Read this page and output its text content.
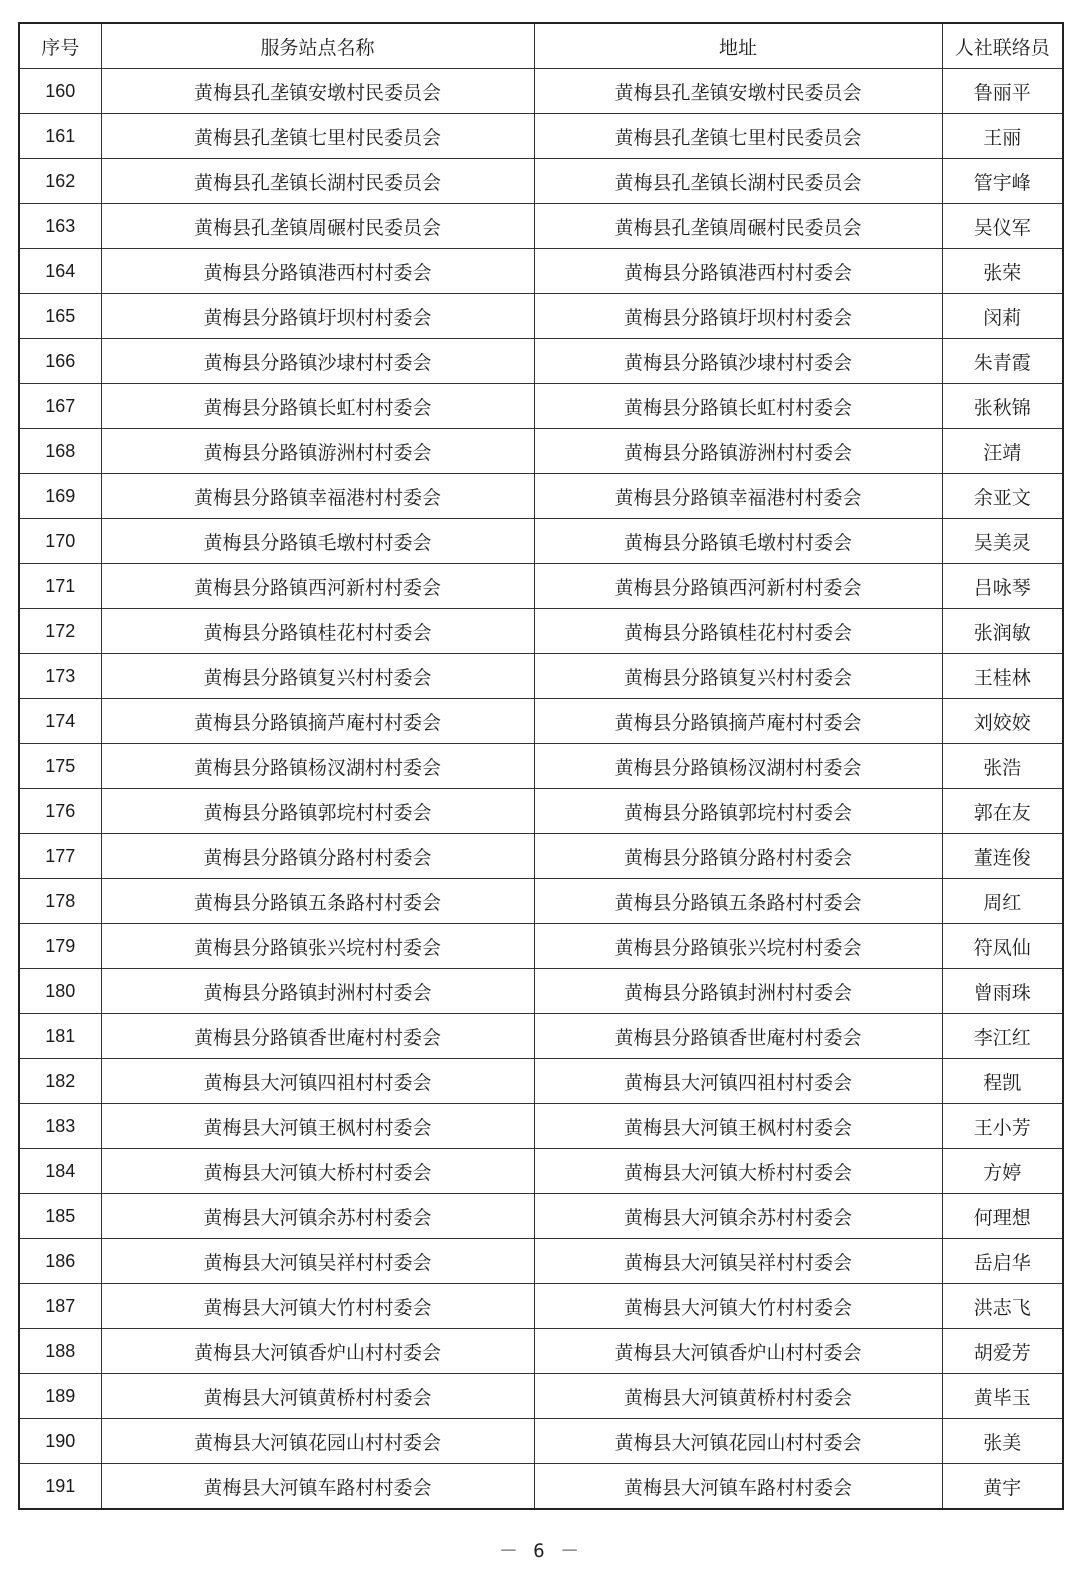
序号	服务站点名称	地址	人社联络员
160	黄梅县孔垄镇安墩村民委员会	黄梅县孔垄镇安墩村民委员会	鲁丽平
161	黄梅县孔垄镇七里村民委员会	黄梅县孔垄镇七里村民委员会	王丽
162	黄梅县孔垄镇长湖村民委员会	黄梅县孔垄镇长湖村民委员会	管宇峰
163	黄梅县孔垄镇周碾村民委员会	黄梅县孔垄镇周碾村民委员会	吴仪军
164	黄梅县分路镇港西村村委会	黄梅县分路镇港西村村委会	张荣
165	黄梅县分路镇圩坝村村委会	黄梅县分路镇圩坝村村委会	闵莉
166	黄梅县分路镇沙埭村村委会	黄梅县分路镇沙埭村村委会	朱青霞
167	黄梅县分路镇长虹村村委会	黄梅县分路镇长虹村村委会	张秋锦
168	黄梅县分路镇游洲村村委会	黄梅县分路镇游洲村村委会	汪靖
169	黄梅县分路镇幸福港村村委会	黄梅县分路镇幸福港村村委会	余亚文
170	黄梅县分路镇毛墩村村委会	黄梅县分路镇毛墩村村委会	吴美灵
171	黄梅县分路镇西河新村村委会	黄梅县分路镇西河新村村委会	吕咏琴
172	黄梅县分路镇桂花村村委会	黄梅县分路镇桂花村村委会	张润敏
173	黄梅县分路镇复兴村村委会	黄梅县分路镇复兴村村委会	王桂林
174	黄梅县分路镇摘芦庵村村委会	黄梅县分路镇摘芦庵村村委会	刘姣姣
175	黄梅县分路镇杨汊湖村村委会	黄梅县分路镇杨汊湖村村委会	张浩
176	黄梅县分路镇郭垸村村委会	黄梅县分路镇郭垸村村委会	郭在友
177	黄梅县分路镇分路村村委会	黄梅县分路镇分路村村委会	董连俊
178	黄梅县分路镇五条路村村委会	黄梅县分路镇五条路村村委会	周红
179	黄梅县分路镇张兴垸村村委会	黄梅县分路镇张兴垸村村委会	符凤仙
180	黄梅县分路镇封洲村村委会	黄梅县分路镇封洲村村委会	曾雨珠
181	黄梅县分路镇香世庵村村委会	黄梅县分路镇香世庵村村委会	李江红
182	黄梅县大河镇四祖村村委会	黄梅县大河镇四祖村村委会	程凯
183	黄梅县大河镇王枫村村委会	黄梅县大河镇王枫村村委会	王小芳
184	黄梅县大河镇大桥村村委会	黄梅县大河镇大桥村村委会	方婷
185	黄梅县大河镇余苏村村委会	黄梅县大河镇余苏村村委会	何理想
186	黄梅县大河镇吴祥村村委会	黄梅县大河镇吴祥村村委会	岳启华
187	黄梅县大河镇大竹村村委会	黄梅县大河镇大竹村村委会	洪志飞
188	黄梅县大河镇香炉山村村委会	黄梅县大河镇香炉山村村委会	胡爱芳
189	黄梅县大河镇黄桥村村委会	黄梅县大河镇黄桥村村委会	黄毕玉
190	黄梅县大河镇花园山村村委会	黄梅县大河镇花园山村村委会	张美
191	黄梅县大河镇车路村村委会	黄梅县大河镇车路村村委会	黄宇
－ 6 －
